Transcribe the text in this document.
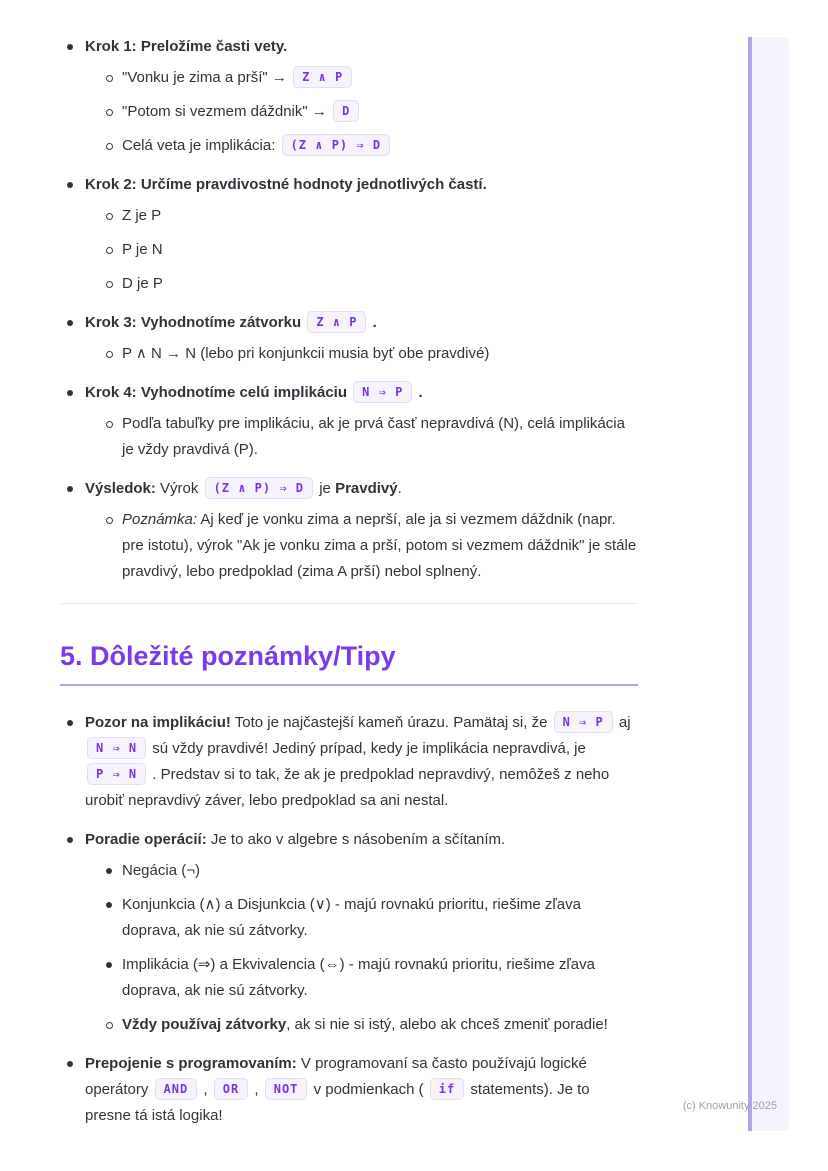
Krok 1: Preložíme časti vety.
"Vonku je zima a prší" → Z ∧ P
"Potom si vezmem dáždnik" → D
Celá veta je implikácia: (Z ∧ P) ⇒ D
Krok 2: Určíme pravdivostné hodnoty jednotlivých častí.
Z je P
P je N
D je P
Krok 3: Vyhodnotíme zátvorku Z ∧ P .
P ∧ N → N (lebo pri konjunkcii musia byť obe pravdivé)
Krok 4: Vyhodnotíme celú implikáciu N ⇒ P .
Podľa tabuľky pre implikáciu, ak je prvá časť nepravdivá (N), celá implikácia je vždy pravdivá (P).
Výsledok: Výrok (Z ∧ P) ⇒ D je Pravdivý.
Poznámka: Aj keď je vonku zima a neprší, ale ja si vezmem dáždnik (napr. pre istotu), výrok "Ak je vonku zima a prší, potom si vezmem dáždnik" je stále pravdivý, lebo predpoklad (zima A prší) nebol splnený.
5. Dôležité poznámky/Tipy
Pozor na implikáciu! Toto je najčastejší kameň úrazu. Pamätaj si, že N ⇒ P aj N ⇒ N sú vždy pravdivé! Jediný prípad, kedy je implikácia nepravdivá, je P ⇒ N . Predstav si to tak, že ak je predpoklad nepravdivý, nemôžeš z neho urobiť nepravdivý záver, lebo predpoklad sa ani nestal.
Poradie operácií: Je to ako v algebre s násobením a sčítaním.
Negácia (¬)
Konjunkcia (∧) a Disjunkcia (∨) - majú rovnakú prioritu, riešime zľava doprava, ak nie sú zátvorky.
Implikácia (⇒) a Ekvivalencia (⇔) - majú rovnakú prioritu, riešime zľava doprava, ak nie sú zátvorky.
Vždy používaj zátvorky, ak si nie si istý, alebo ak chceš zmeniť poradie!
Prepojenie s programovaním: V programovaní sa často používajú logické operátory AND , OR , NOT v podmienkach ( if statements). Je to presne tá istá logika!
(c) Knowunity 2025
